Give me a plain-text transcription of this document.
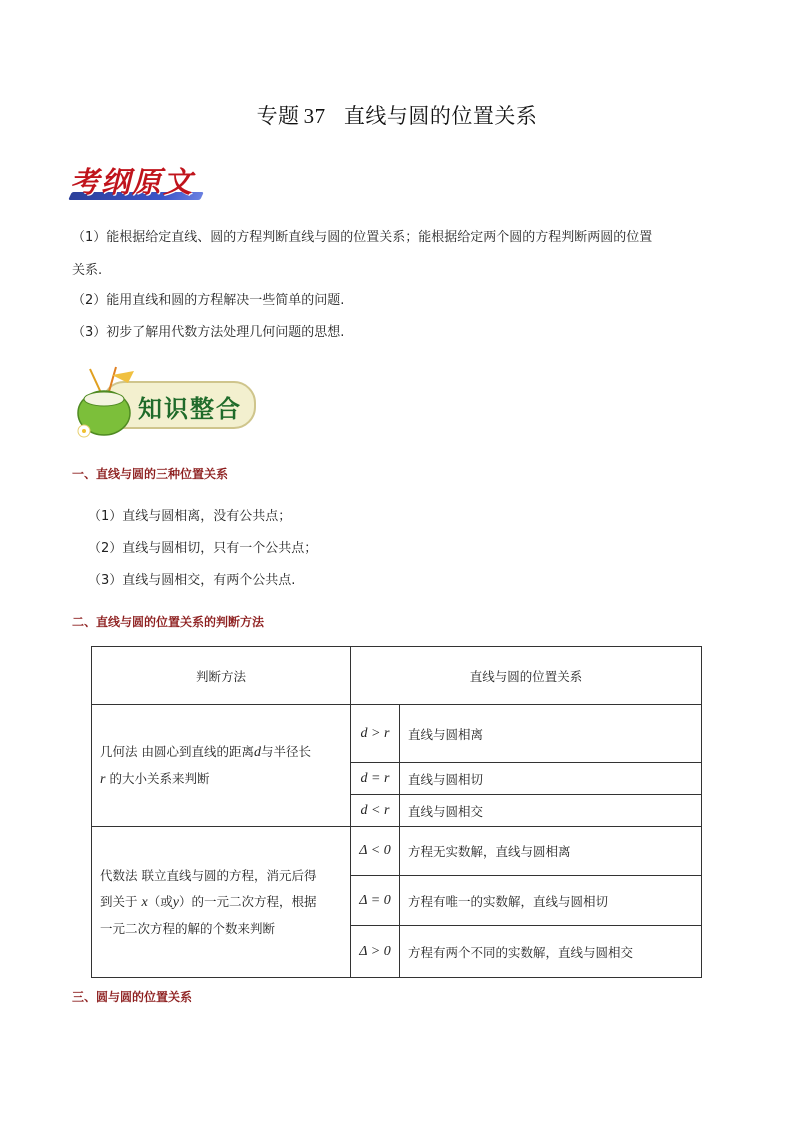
专题 37 直线与圆的位置关系
考纲原文
（1）能根据给定直线、圆的方程判断直线与圆的位置关系；能根据给定两个圆的方程判断两圆的位置
关系.
（2）能用直线和圆的方程解决一些简单的问题.
（3）初步了解用代数方法处理几何问题的思想.
知识整合
一、直线与圆的三种位置关系
（1）直线与圆相离，没有公共点；
（2）直线与圆相切，只有一个公共点；
（3）直线与圆相交，有两个公共点.
二、直线与圆的位置关系的判断方法
判断方法	直线与圆的位置关系	
几何法 由圆心到直线的距离d与半径长
r 的大小关系来判断	d > r	直线与圆相离
	d = r	直线与圆相切
	d < r	直线与圆相交
代数法 联立直线与圆的方程，消元后得
到关于 x（或y）的一元二次方程，根据
一元二次方程的解的个数来判断	Δ < 0	方程无实数解，直线与圆相离
	Δ = 0	方程有唯一的实数解，直线与圆相切
	Δ > 0	方程有两个不同的实数解，直线与圆相交
三、圆与圆的位置关系
